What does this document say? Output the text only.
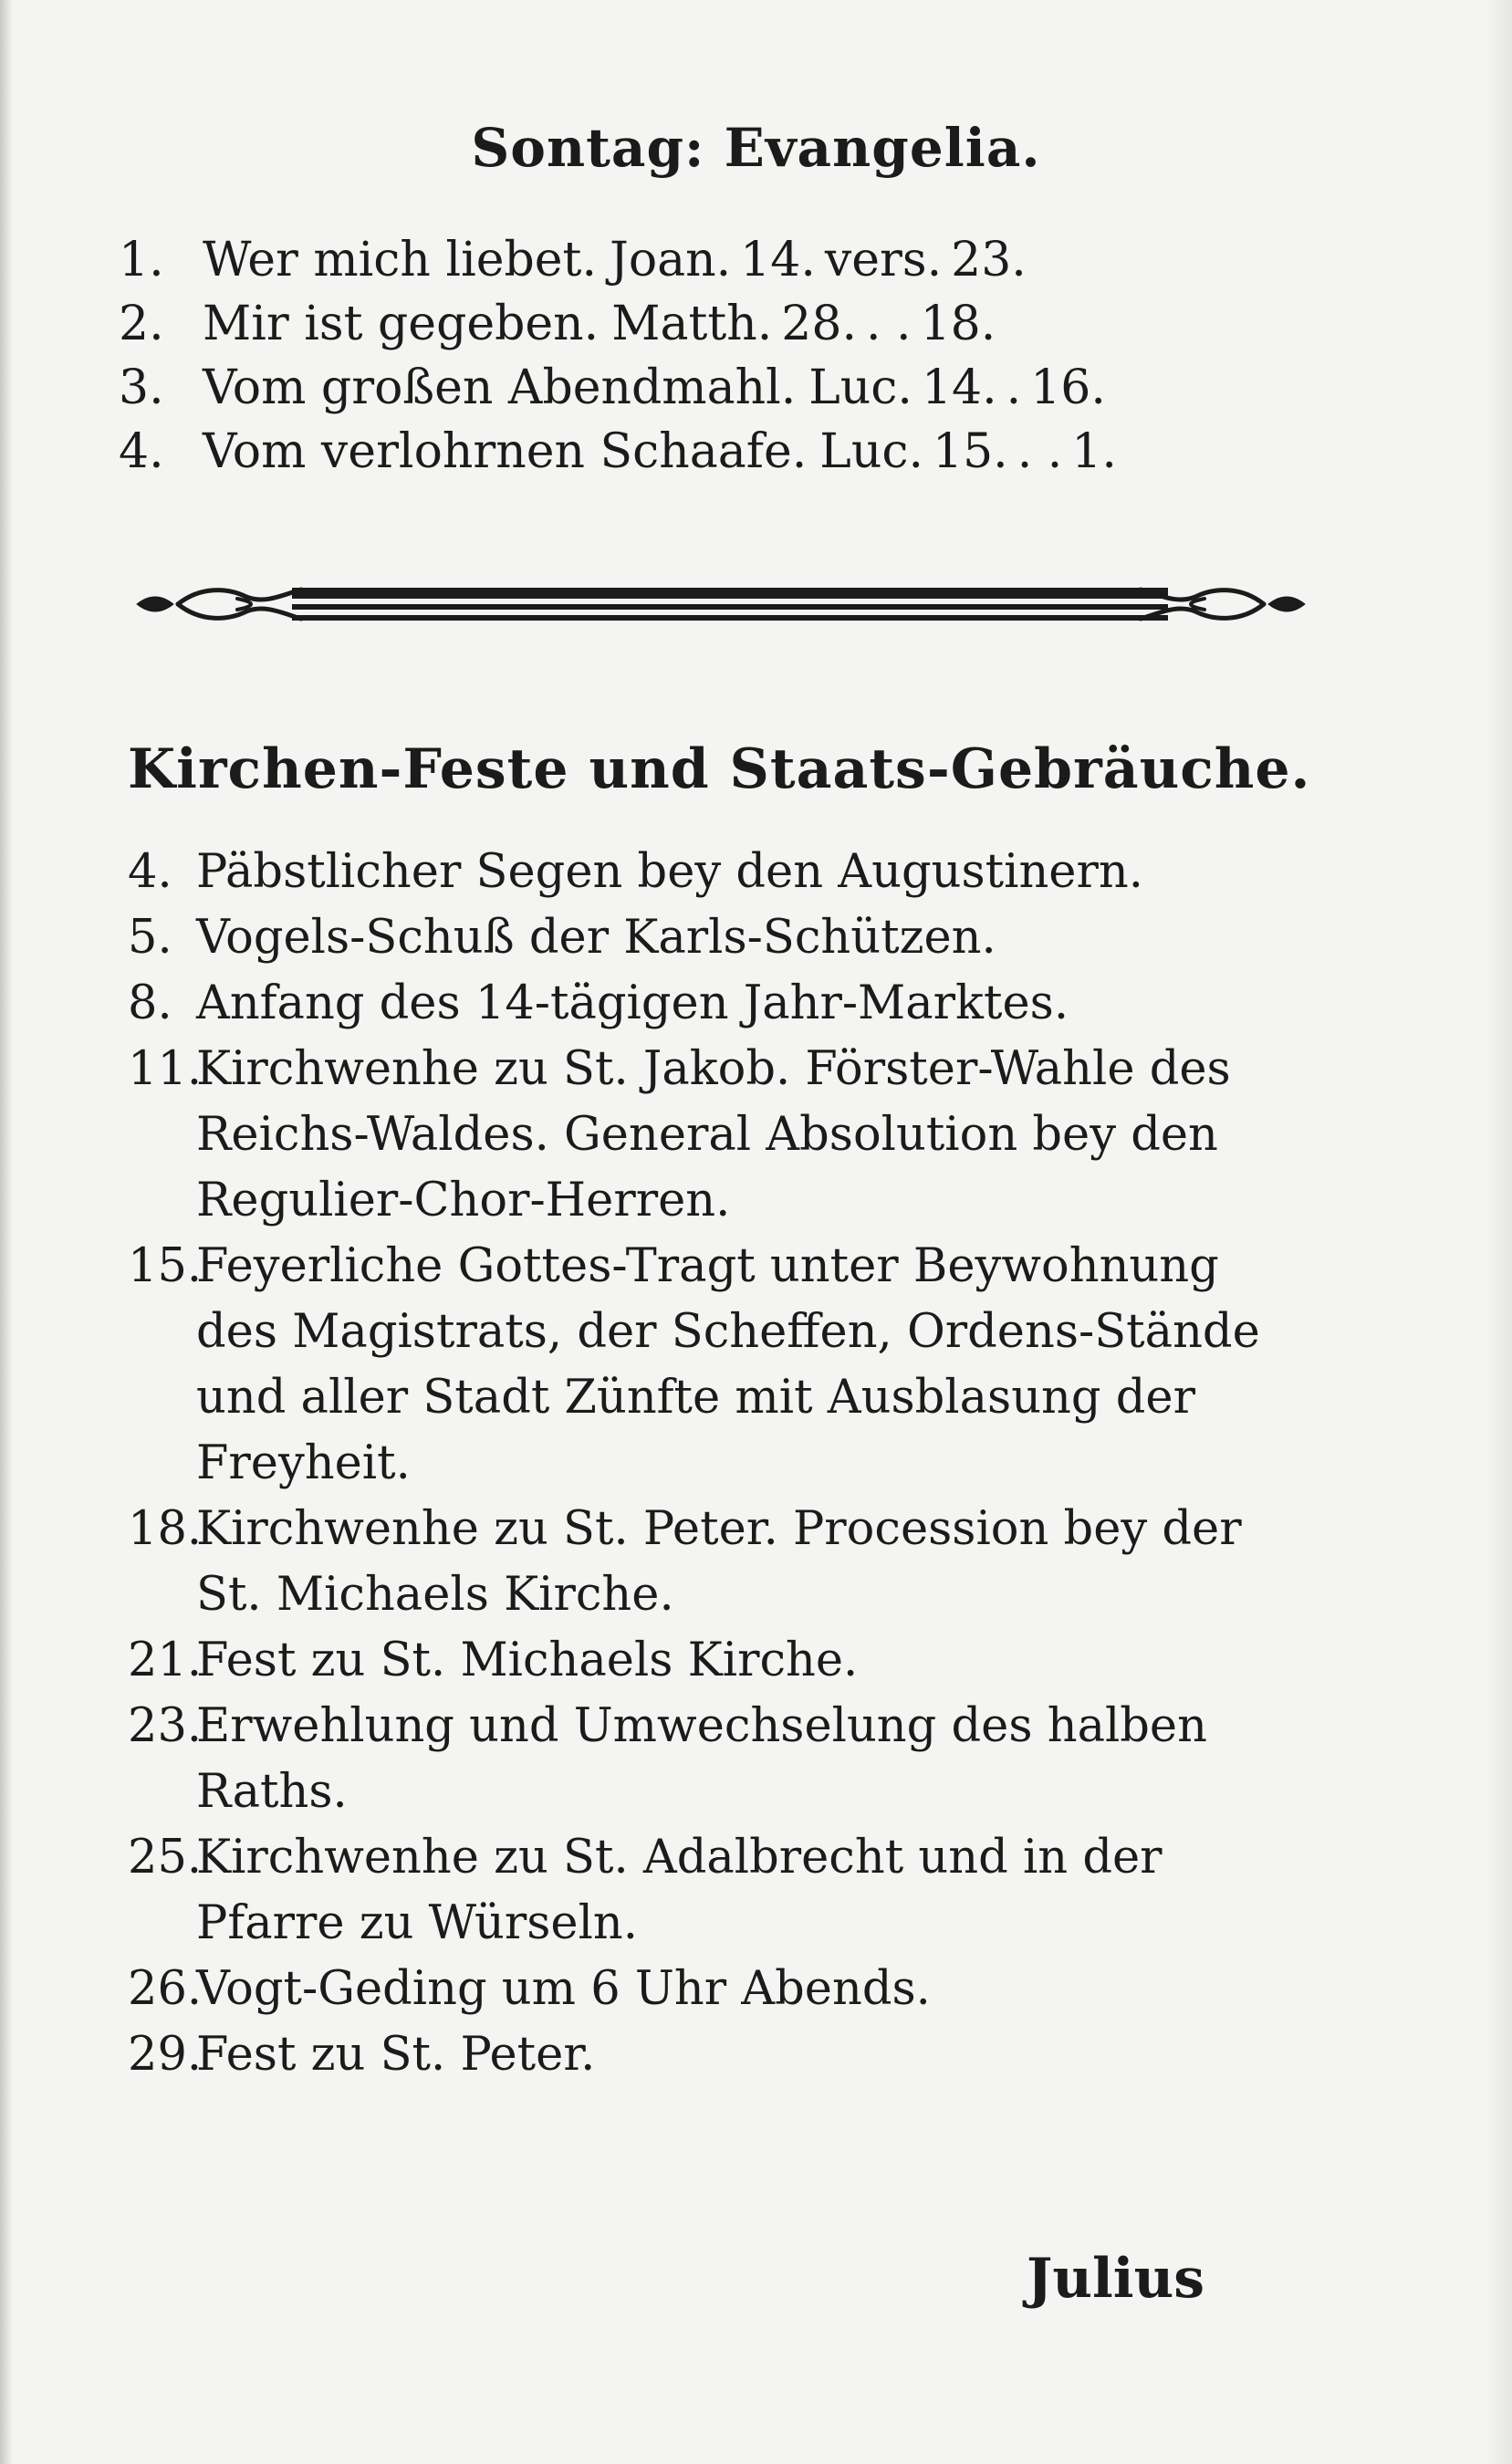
Sontag: Evangelia.
1. Wer mich liebet. Joan. 14. vers. 23.
2. Mir ist gegeben. Matth. 28. . . 18.
3. Vom großen Abendmahl. Luc. 14. . 16.
4. Vom verlohrnen Schaafe. Luc. 15. . . 1.
Kirchen-Feste und Staats-Gebräuche.
4. Päbstlicher Segen bey den Augustinern.
5. Vogels-Schuß der Karls-Schützen.
8. Anfang des 14-tägigen Jahr-Marktes.
11.
Kirchwenhe zu St. Jakob. Förster-Wahle des Reichs-Waldes. General Absolution bey den Regulier-Chor-Herren.
15.
Feyerliche Gottes-Tragt unter Beywohnung des Magistrats, der Scheffen, Ordens-Stände und aller Stadt Zünfte mit Ausblasung der Freyheit.
18.
Kirchwenhe zu St. Peter. Procession bey der St. Michaels Kirche.
21.
Fest zu St. Michaels Kirche.
23.
Erwehlung und Umwechselung des halben Raths.
25.
Kirchwenhe zu St. Adalbrecht und in der Pfarre zu Würseln.
26.
Vogt-Geding um 6 Uhr Abends.
29.
Fest zu St. Peter.
Julius
